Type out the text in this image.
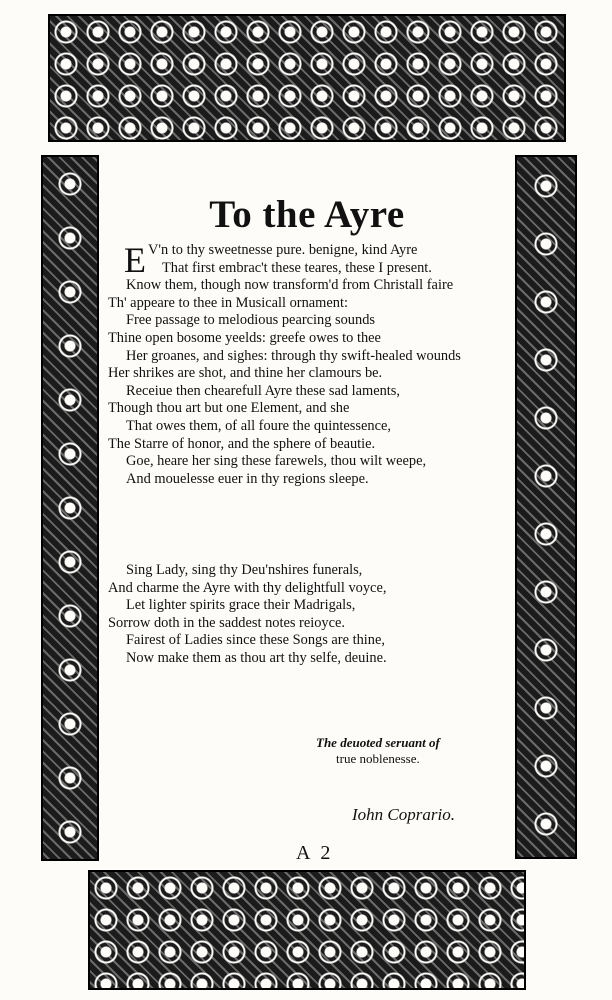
To the Ayre
E V'n to thy sweetnesse pure. benigne, kind Ayre
That first embrac't these teares, these I present.
Know them, though now transform'd from Christall faire
Th' appeare to thee in Musicall ornament:
Free passage to melodious pearcing sounds
Thine open bosome yeelds: greefe owes to thee
Her groanes, and sighes: through thy swift-healed wounds
Her shrikes are shot, and thine her clamours be.
Receiue then chearefull Ayre these sad laments,
Though thou art but one Element, and she
That owes them, of all foure the quintessence,
The Starre of honor, and the sphere of beautie.
Goe, heare her sing these farewels, thou wilt weepe,
And mouelesse euer in thy regions sleepe.
Sing Lady, sing thy Deu'nshires funerals,
And charme the Ayre with thy delightfull voyce,
Let lighter spirits grace their Madrigals,
Sorrow doth in the saddest notes reioyce.
Fairest of Ladies since these Songs are thine,
Now make them as thou art thy selfe, deuine.
The deuoted seruant of
true noblenesse.
Iohn Coprario.
A 2
